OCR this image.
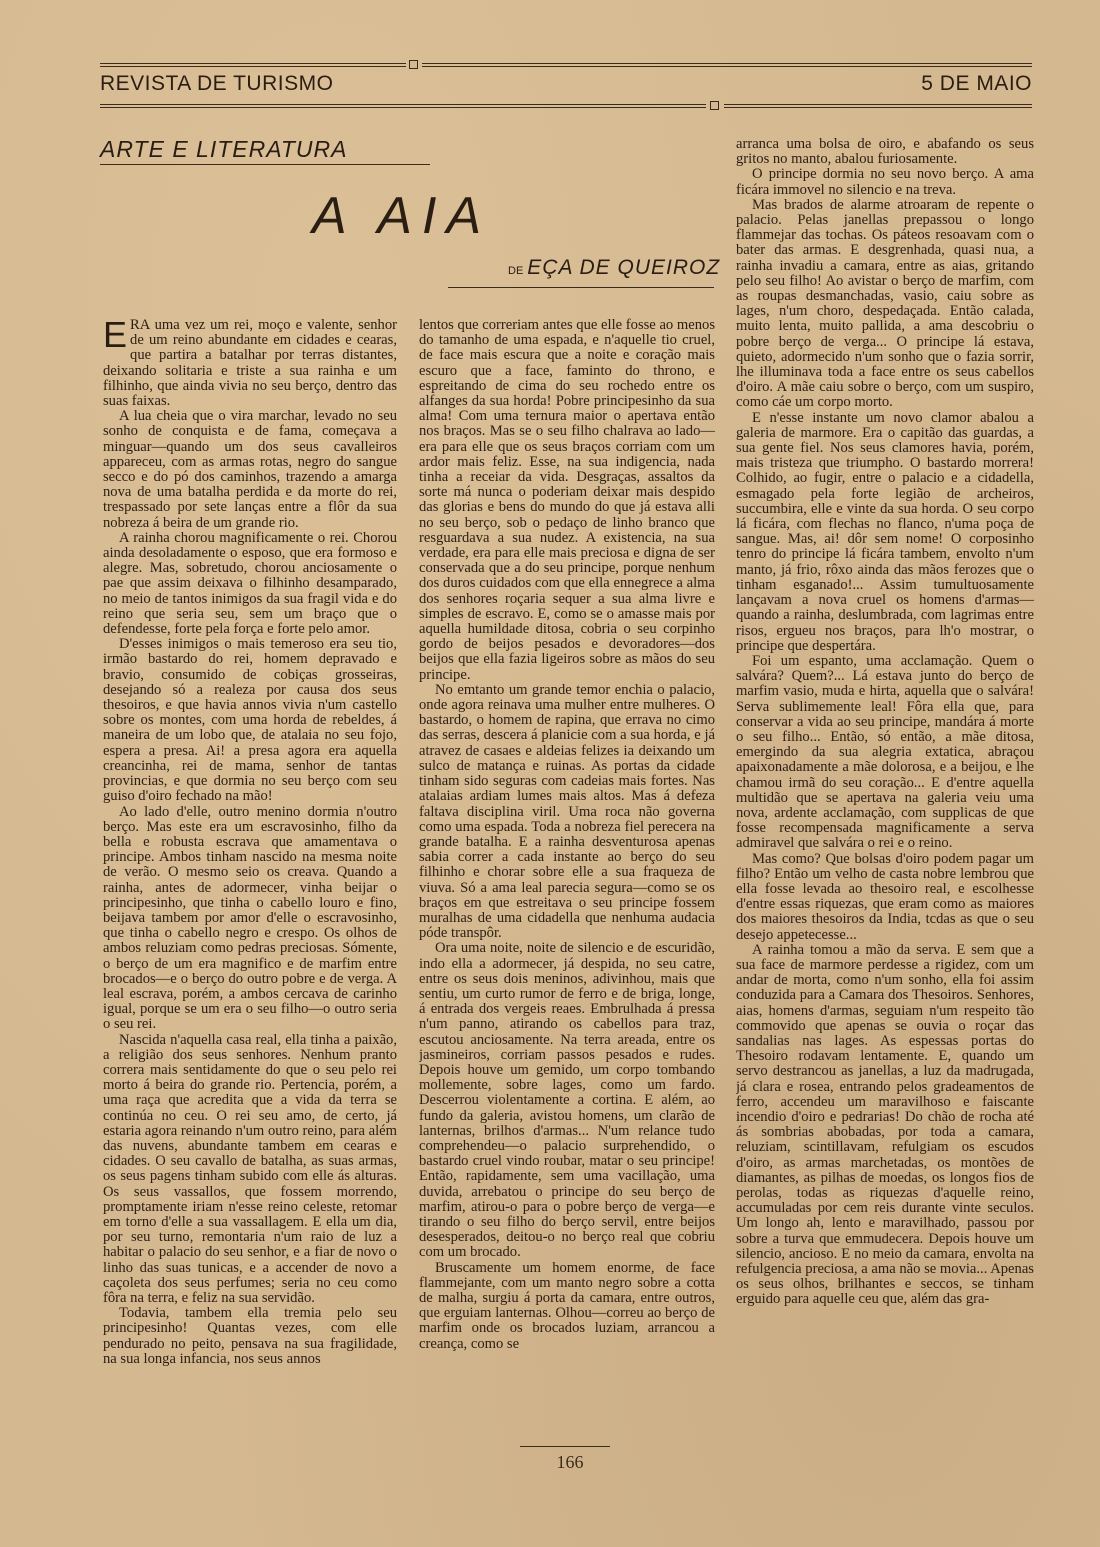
REVISTA DE TURISMO	5 DE MAIO
ARTE E LITERATURA
A AIA
DE EÇA DE QUEIROZ

ERA uma vez um rei, moço e valente, senhor de um reino abundante em cidades e cearas, que partira a batalhar por terras distantes, deixando solitaria e triste a sua rainha e um filhinho, que ainda vivia no seu berço, dentro das suas faixas.

A lua cheia que o vira marchar, levado no seu sonho de conquista e de fama, começava a minguar—quando um dos seus cavalleiros appareceu, com as armas rotas, negro do sangue secco e do pó dos caminhos, trazendo a amarga nova de uma batalha perdida e da morte do rei, trespassado por sete lanças entre a flôr da sua nobreza á beira de um grande rio.

A rainha chorou magnificamente o rei. Chorou ainda desoladamente o esposo, que era formoso e alegre. Mas, sobretudo, chorou anciosamente o pae que assim deixava o filhinho desamparado, no meio de tantos inimigos da sua fragil vida e do reino que seria seu, sem um braço que o defendesse, forte pela força e forte pelo amor.

D'esses inimigos o mais temeroso era seu tio, irmão bastardo do rei, homem depravado e bravio, consumido de cobiças grosseiras, desejando só a realeza por causa dos seus thesoiros, e que havia annos vivia n'um castello sobre os montes, com uma horda de rebeldes, á maneira de um lobo que, de atalaia no seu fojo, espera a presa. Ai! a presa agora era aquella creancinha, rei de mama, senhor de tantas provincias, e que dormia no seu berço com seu guiso d'oiro fechado na mão!

Ao lado d'elle, outro menino dormia n'outro berço. Mas este era um escravosinho, filho da bella e robusta escrava que amamentava o principe. Ambos tinham nascido na mesma noite de verão. O mesmo seio os creava. Quando a rainha, antes de adormecer, vinha beijar o principesinho, que tinha o cabello louro e fino, beijava tambem por amor d'elle o escravosinho, que tinha o cabello negro e crespo. Os olhos de ambos reluziam como pedras preciosas. Sómente, o berço de um era magnifico e de marfim entre brocados—e o berço do outro pobre e de verga. A leal escrava, porém, a ambos cercava de carinho igual, porque se um era o seu filho—o outro seria o seu rei.

Nascida n'aquella casa real, ella tinha a paixão, a religião dos seus senhores. Nenhum pranto correra mais sentidamente do que o seu pelo rei morto á beira do grande rio. Pertencia, porém, a uma raça que acredita que a vida da terra se continúa no ceu. O rei seu amo, de certo, já estaria agora reinando n'um outro reino, para além das nuvens, abundante tambem em cearas e cidades. O seu cavallo de batalha, as suas armas, os seus pagens tinham subido com elle ás alturas. Os seus vassallos, que fossem morrendo, promptamente iriam n'esse reino celeste, retomar em torno d'elle a sua vassallagem. E ella um dia, por seu turno, remontaria n'um raio de luz a habitar o palacio do seu senhor, e a fiar de novo o linho das suas tunicas, e a accender de novo a caçoleta dos seus perfumes; seria no ceu como fôra na terra, e feliz na sua servidão.

Todavia, tambem ella tremia pelo seu principesinho! Quantas vezes, com elle pendurado no peito, pensava na sua fragilidade, na sua longa infancia, nos seus annos

lentos que correriam antes que elle fosse ao menos do tamanho de uma espada, e n'aquelle tio cruel, de face mais escura que a noite e coração mais escuro que a face, faminto do throno, e espreitando de cima do seu rochedo entre os alfanges da sua horda! Pobre principesinho da sua alma! Com uma ternura maior o apertava então nos braços. Mas se o seu filho chalrava ao lado—era para elle que os seus braços corriam com um ardor mais feliz. Esse, na sua indigencia, nada tinha a receiar da vida. Desgraças, assaltos da sorte má nunca o poderiam deixar mais despido das glorias e bens do mundo do que já estava alli no seu berço, sob o pedaço de linho branco que resguardava a sua nudez. A existencia, na sua verdade, era para elle mais preciosa e digna de ser conservada que a do seu principe, porque nenhum dos duros cuidados com que ella ennegrece a alma dos senhores roçaria sequer a sua alma livre e simples de escravo. E, como se o amasse mais por aquella humildade ditosa, cobria o seu corpinho gordo de beijos pesados e devoradores—dos beijos que ella fazia ligeiros sobre as mãos do seu principe.

No emtanto um grande temor enchia o palacio, onde agora reinava uma mulher entre mulheres. O bastardo, o homem de rapina, que errava no cimo das serras, descera á planicie com a sua horda, e já atravez de casaes e aldeias felizes ia deixando um sulco de matança e ruinas. As portas da cidade tinham sido seguras com cadeias mais fortes. Nas atalaias ardiam lumes mais altos. Mas á defeza faltava disciplina viril. Uma roca não governa como uma espada. Toda a nobreza fiel perecera na grande batalha. E a rainha desventurosa apenas sabia correr a cada instante ao berço do seu filhinho e chorar sobre elle a sua fraqueza de viuva. Só a ama leal parecia segura—como se os braços em que estreitava o seu principe fossem muralhas de uma cidadella que nenhuma audacia póde transpôr.

Ora uma noite, noite de silencio e de escuridão, indo ella a adormecer, já despida, no seu catre, entre os seus dois meninos, adivinhou, mais que sentiu, um curto rumor de ferro e de briga, longe, á entrada dos vergeis reaes. Embrulhada á pressa n'um panno, atirando os cabellos para traz, escutou anciosamente. Na terra areada, entre os jasmineiros, corriam passos pesados e rudes. Depois houve um gemido, um corpo tombando mollemente, sobre lages, como um fardo. Descerrou violentamente a cortina. E além, ao fundo da galeria, avistou homens, um clarão de lanternas, brilhos d'armas... N'um relance tudo comprehendeu—o palacio surprehendido, o bastardo cruel vindo roubar, matar o seu principe! Então, rapidamente, sem uma vacillação, uma duvida, arrebatou o principe do seu berço de marfim, atirou-o para o pobre berço de verga—e tirando o seu filho do berço servil, entre beijos desesperados, deitou-o no berço real que cobriu com um brocado.

Bruscamente um homem enorme, de face flammejante, com um manto negro sobre a cotta de malha, surgiu á porta da camara, entre outros, que erguiam lanternas. Olhou—correu ao berço de marfim onde os brocados luziam, arrancou a creança, como se

arranca uma bolsa de oiro, e abafando os seus gritos no manto, abalou furiosamente.

O principe dormia no seu novo berço. A ama ficára immovel no silencio e na treva.

Mas brados de alarme atroaram de repente o palacio. Pelas janellas prepassou o longo flammejar das tochas. Os páteos resoavam com o bater das armas. E desgrenhada, quasi nua, a rainha invadiu a camara, entre as aias, gritando pelo seu filho! Ao avistar o berço de marfim, com as roupas desmanchadas, vasio, caiu sobre as lages, n'um choro, despedaçada. Então calada, muito lenta, muito pallida, a ama descobriu o pobre berço de verga... O principe lá estava, quieto, adormecido n'um sonho que o fazia sorrir, lhe illuminava toda a face entre os seus cabellos d'oiro. A mãe caiu sobre o berço, com um suspiro, como cáe um corpo morto.

E n'esse instante um novo clamor abalou a galeria de marmore. Era o capitão das guardas, a sua gente fiel. Nos seus clamores havia, porém, mais tristeza que triumpho. O bastardo morrera! Colhido, ao fugir, entre o palacio e a cidadella, esmagado pela forte legião de archeiros, succumbira, elle e vinte da sua horda. O seu corpo lá ficára, com flechas no flanco, n'uma poça de sangue. Mas, ai! dôr sem nome! O corposinho tenro do principe lá ficára tambem, envolto n'um manto, já frio, rôxo ainda das mãos ferozes que o tinham esganado!... Assim tumultuosamente lançavam a nova cruel os homens d'armas—quando a rainha, deslumbrada, com lagrimas entre risos, ergueu nos braços, para lh'o mostrar, o principe que despertára.

Foi um espanto, uma acclamação. Quem o salvára? Quem?... Lá estava junto do berço de marfim vasio, muda e hirta, aquella que o salvára! Serva sublimemente leal! Fôra ella que, para conservar a vida ao seu principe, mandára á morte o seu filho... Então, só então, a mãe ditosa, emergindo da sua alegria extatica, abraçou apaixonadamente a mãe dolorosa, e a beijou, e lhe chamou irmã do seu coração... E d'entre aquella multidão que se apertava na galeria veiu uma nova, ardente acclamação, com supplicas de que fosse recompensada magnificamente a serva admiravel que salvára o rei e o reino.

Mas como? Que bolsas d'oiro podem pagar um filho? Então um velho de casta nobre lembrou que ella fosse levada ao thesoiro real, e escolhesse d'entre essas riquezas, que eram como as maiores dos maiores thesoiros da India, tcdas as que o seu desejo appetecesse...

A rainha tomou a mão da serva. E sem que a sua face de marmore perdesse a rigidez, com um andar de morta, como n'um sonho, ella foi assim conduzida para a Camara dos Thesoiros. Senhores, aias, homens d'armas, seguiam n'um respeito tão commovido que apenas se ouvia o roçar das sandalias nas lages. As espessas portas do Thesoiro rodavam lentamente. E, quando um servo destrancou as janellas, a luz da madrugada, já clara e rosea, entrando pelos gradeamentos de ferro, accendeu um maravilhoso e faiscante incendio d'oiro e pedrarias! Do chão de rocha até ás sombrias abobadas, por toda a camara, reluziam, scintillavam, refulgiam os escudos d'oiro, as armas marchetadas, os montões de diamantes, as pilhas de moedas, os longos fios de perolas, todas as riquezas d'aquelle reino, accumuladas por cem reis durante vinte seculos. Um longo ah, lento e maravilhado, passou por sobre a turva que emmudecera. Depois houve um silencio, ancioso. E no meio da camara, envolta na refulgencia preciosa, a ama não se movia... Apenas os seus olhos, brilhantes e seccos, se tinham erguido para aquelle ceu que, além das gra-

166
